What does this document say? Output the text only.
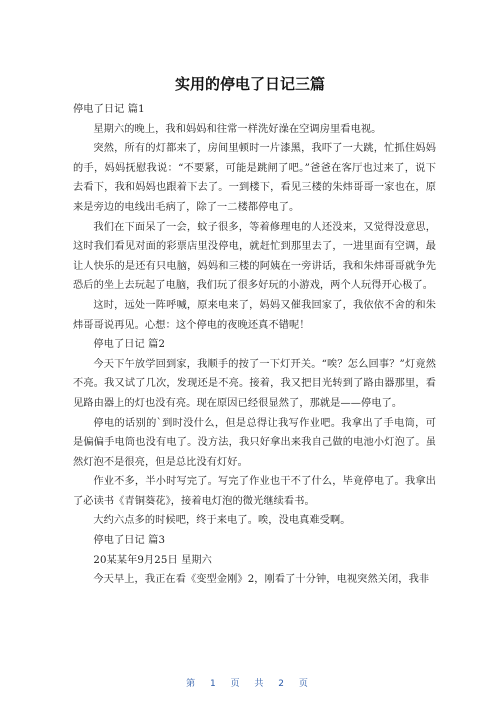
实用的停电了日记三篇

停电了日记 篇1

星期六的晚上，我和妈妈和往常一样洗好澡在空调房里看电视。

突然，所有的灯都来了，房间里顿时一片漆黑，我吓了一大跳，忙抓住妈妈的手，妈妈抚慰我说：“不要紧，可能是跳闸了吧。”爸爸在客厅也过来了，说下去看下，我和妈妈也跟着下去了。一到楼下，看见三楼的朱炜哥哥一家也在，原来是旁边的电线出毛病了，除了一二楼都停电了。

我们在下面呆了一会，蚊子很多，等着修理电的人还没来，又觉得没意思，这时我们看见对面的彩票店里没停电，就赶忙到那里去了，一进里面有空调，最让人快乐的是还有只电脑，妈妈和三楼的阿姨在一旁讲话，我和朱炜哥哥就争先恐后的坐上去玩起了电脑，我们玩了很多好玩的小游戏，两个人玩得开心极了。

这时，远处一阵呼喊，原来电来了，妈妈又催我回家了，我依依不舍的和朱炜哥哥说再见。心想：这个停电的夜晚还真不错呢！

停电了日记 篇2

今天下午放学回到家，我顺手的按了一下灯开关。“唉？怎么回事？”灯竟然不亮。我又试了几次，发现还是不亮。接着，我又把目光转到了路由器那里，看见路由器上的灯也没有亮。现在原因已经很显然了，那就是——停电了。

停电的话别的`到时没什么，但是总得让我写作业吧。我拿出了手电筒，可是偏偏手电筒也没有电了。没方法，我只好拿出来我自己做的电池小灯泡了。虽然灯泡不是很亮，但是总比没有灯好。

作业不多，半小时写完了。写完了作业也干不了什么，毕竟停电了。我拿出了必读书《青铜葵花》，接着电灯泡的微光继续看书。

大约六点多的时候吧，终于来电了。唉，没电真难受啊。

停电了日记 篇3

20某某年9月25日 星期六

今天早上，我正在看《变型金刚》2，刚看了十分钟，电视突然关闭，我非

第 1 页 共 2 页
